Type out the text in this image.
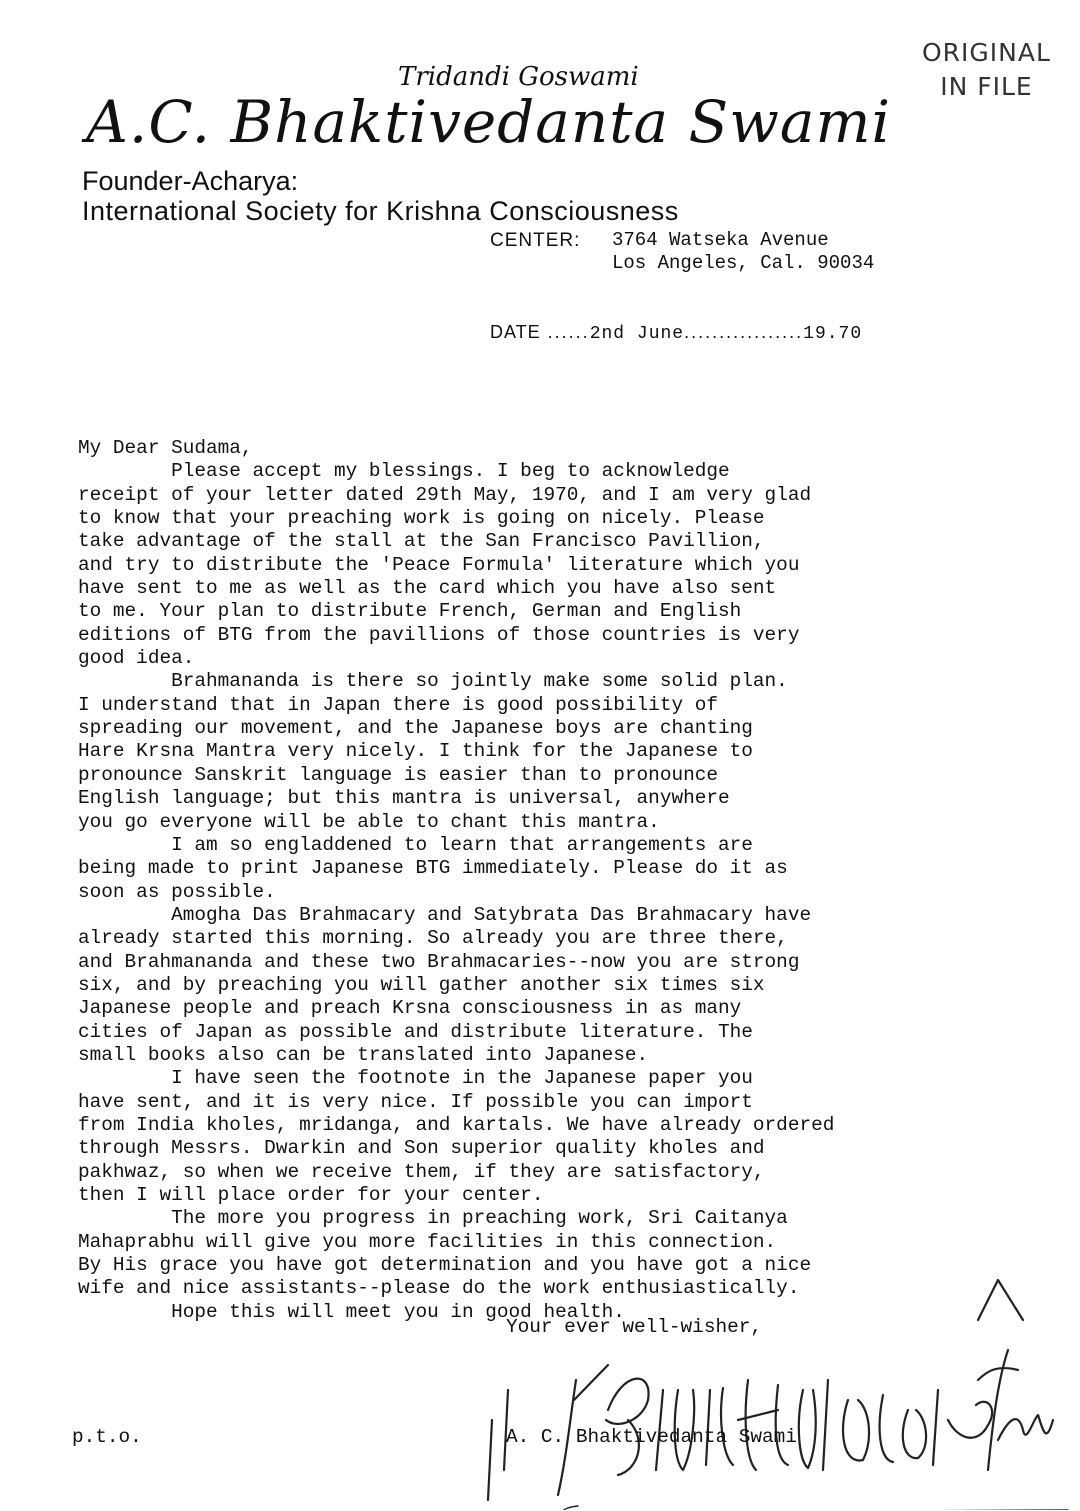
ORIGINAL
IN FILE
Tridandi Goswami
A.C. Bhaktivedanta Swami
Founder-Acharya:
International Society for Krishna Consciousness
CENTER: 3764 Watseka Avenue
Los Angeles, Cal. 90034
DATE ......2nd June.................19.70
My Dear Sudama,
Please accept my blessings. I beg to acknowledge
receipt of your letter dated 29th May, 1970, and I am very glad
to know that your preaching work is going on nicely. Please
take advantage of the stall at the San Francisco Pavillion,
and try to distribute the 'Peace Formula' literature which you
have sent to me as well as the card which you have also sent
to me. Your plan to distribute French, German and English
editions of BTG from the pavillions of those countries is very
good idea.
Brahmananda is there so jointly make some solid plan.
I understand that in Japan there is good possibility of
spreading our movement, and the Japanese boys are chanting
Hare Krsna Mantra very nicely. I think for the Japanese to
pronounce Sanskrit language is easier than to pronounce
English language; but this mantra is universal, anywhere
you go everyone will be able to chant this mantra.
I am so engladdened to learn that arrangements are
being made to print Japanese BTG immediately. Please do it as
soon as possible.
Amogha Das Brahmacary and Satybrata Das Brahmacary have
already started this morning. So already you are three there,
and Brahmananda and these two Brahmacaries--now you are strong
six, and by preaching you will gather another six times six
Japanese people and preach Krsna consciousness in as many
cities of Japan as possible and distribute literature. The
small books also can be translated into Japanese.
I have seen the footnote in the Japanese paper you
have sent, and it is very nice. If possible you can import
from India kholes, mridanga, and kartals. We have already ordered
through Messrs. Dwarkin and Son superior quality kholes and
pakhwaz, so when we receive them, if they are satisfactory,
then I will place order for your center.
The more you progress in preaching work, Sri Caitanya
Mahaprabhu will give you more facilities in this connection.
By His grace you have got determination and you have got a nice
wife and nice assistants--please do the work enthusiastically.
Hope this will meet you in good health.
Your ever well-wisher,
p.t.o.	A. C. Bhaktivedanta Swami
